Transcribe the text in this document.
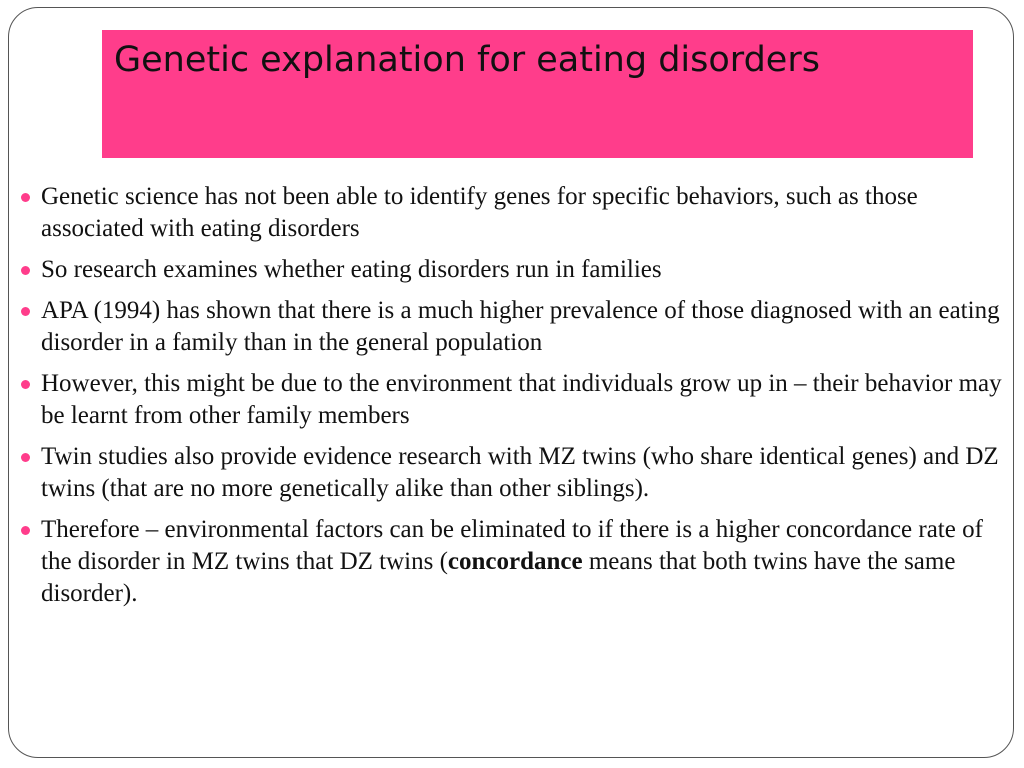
Genetic explanation for eating disorders
Genetic science has not been able to identify genes for specific behaviors, such as those associated with eating disorders
So research examines whether eating disorders run in families
APA (1994) has shown that there is a much higher prevalence of those diagnosed with an eating disorder in a family than in the general population
However, this might be due to the environment that individuals grow up in – their behavior may be learnt from other family members
Twin studies also provide evidence research with MZ twins (who share identical genes) and DZ twins (that are no more genetically alike than other siblings).
Therefore – environmental factors can be eliminated to if there is a higher concordance rate of the disorder in MZ twins that DZ twins (concordance means that both twins have the same disorder).
